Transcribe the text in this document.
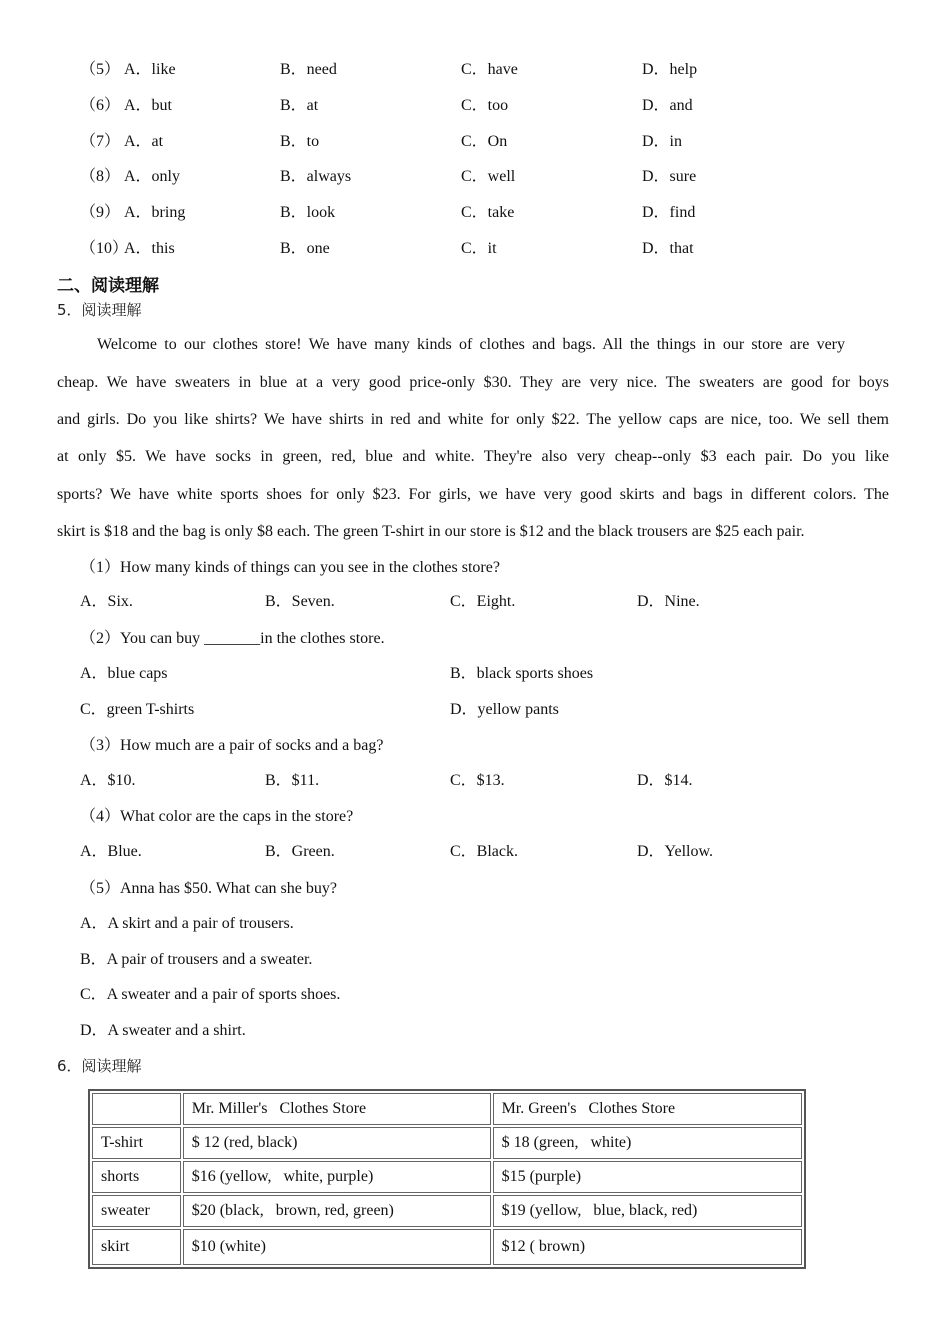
（5） A．like	B．need	C．have	D．help
（6） A．but	B．at	C．too	D．and
（7） A．at	B．to	C．On	D．in
（8） A．only	B．always	C．well	D．sure
（9） A．bring	B．look	C．take	D．find
（10）
A．this	B．one	C．it	D．that
二、阅读理解
5．阅读理解
Welcome to our clothes store! We have many kinds of clothes and bags. All the things in our store are very
cheap. We have sweaters in blue at a very good price-only $30. They are very nice. The sweaters are good for boys
and girls. Do you like shirts? We have shirts in red and white for only $22. The yellow caps are nice, too. We sell them
at only $5. We have socks in green, red, blue and white. They're also very cheap--only $3 each pair. Do you like
sports? We have white sports shoes for only $23. For girls, we have very good skirts and bags in different colors. The
skirt is $18 and the bag is only $8 each. The green T-shirt in our store is $12 and the black trousers are $25 each pair.
（1）How many kinds of things can you see in the clothes store?
A．Six.	B．Seven.	C．Eight.	D．Nine.
（2）You can buy _______in the clothes store.
A．blue caps	B．black sports shoes
C．green T-shirts	D．yellow pants
（3）How much are a pair of socks and a bag?
A．$10.	B．$11.	C．$13.	D．$14.
（4）What color are the caps in the store?
A．Blue.	B．Green.	C．Black.	D．Yellow.
（5）Anna has $50. What can she buy?
A．A skirt and a pair of trousers.
B．A pair of trousers and a sweater.
C．A sweater and a pair of sports shoes.
D．A sweater and a shirt.
6．阅读理解
	Mr. Miller's   Clothes Store	Mr. Green's   Clothes Store
T-shirt	$ 12 (red, black)	$ 18 (green,   white)
shorts	$16 (yellow,   white, purple)	$15 (purple)
sweater	$20 (black,   brown, red, green)	$19 (yellow,   blue, black, red)
skirt	$10 (white)	$12 ( brown)
